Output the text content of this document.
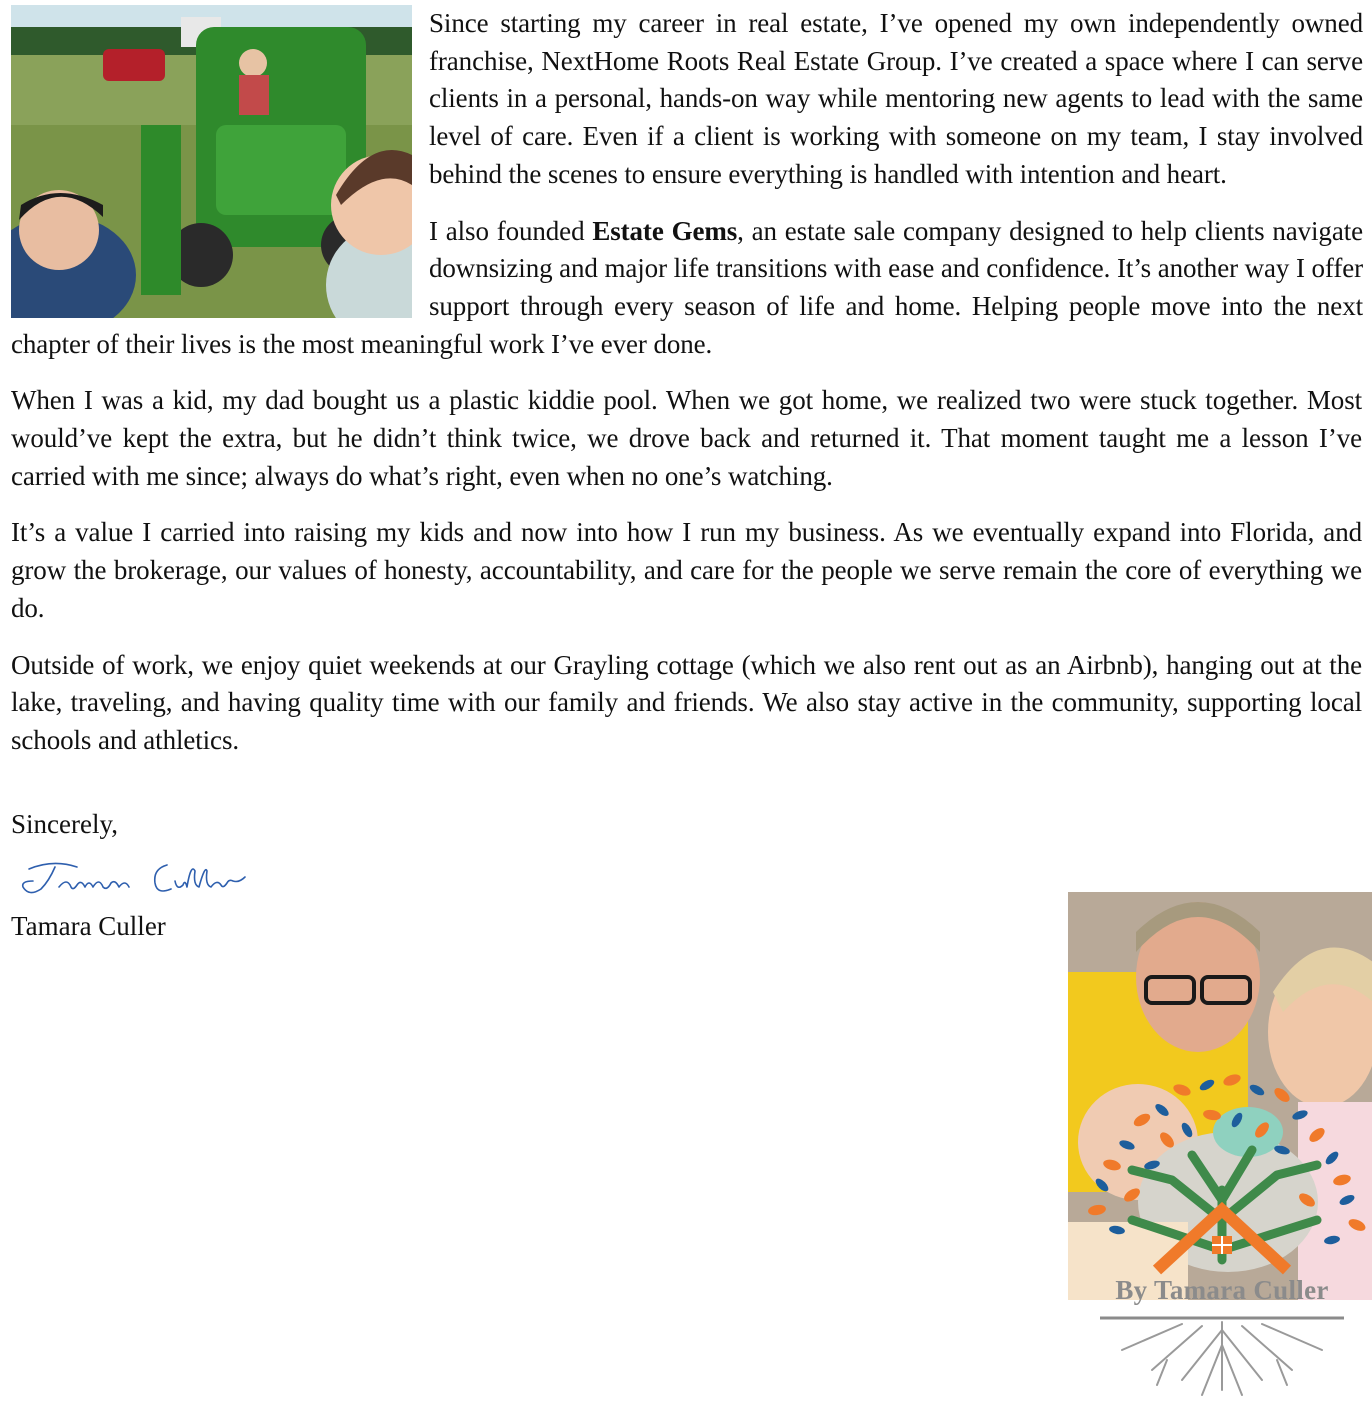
Since starting my career in real estate, I’ve opened my own independently owned franchise, NextHome Roots Real Estate Group. I’ve created a space where I can serve clients in a personal, hands-on way while mentoring new agents to lead with the same level of care. Even if a client is working with someone on my team, I stay involved behind the scenes to ensure everything is handled with intention and heart.

I also founded Estate Gems, an estate sale company designed to help clients navigate downsizing and major life transitions with ease and confidence. It’s another way I offer support through every season of life and home. Helping people move into the next chapter of their lives is the most meaningful work I’ve ever done.

When I was a kid, my dad bought us a plastic kiddie pool. When we got home, we realized two were stuck together. Most would’ve kept the extra, but he didn’t think twice, we drove back and returned it. That moment taught me a lesson I’ve carried with me since; always do what’s right, even when no one’s watching.

It’s a value I carried into raising my kids and now into how I run my business. As we eventually expand into Florida, and grow the brokerage, our values of honesty, accountability, and care for the people we serve remain the core of everything we do.

Outside of work, we enjoy quiet weekends at our Grayling cottage (which we also rent out as an Airbnb), hanging out at the lake, traveling, and having quality time with our family and friends. We also stay active in the community, supporting local schools and athletics.

Sincerely,
Tamara Culler
By Tamara Culler
